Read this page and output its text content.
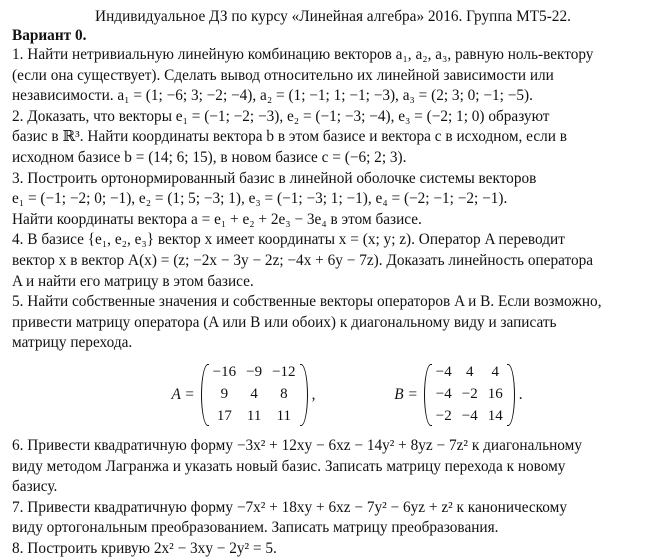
Индивидуальное ДЗ по курсу «Линейная алгебра» 2016. Группа МТ5-22.
Вариант 0.

1. Найти нетривиальную линейную комбинацию векторов a₁, a₂, a₃, равную ноль-вектору
(если она существует). Сделать вывод относительно их линейной зависимости или
независимости. a₁ = (1; −6; 3; −2; −4), a₂ = (1; −1; 1; −1; −3), a₃ = (2; 3; 0; −1; −5).

2. Доказать, что векторы e₁ = (−1; −2; −3), e₂ = (−1; −3; −4), e₃ = (−2; 1; 0) образуют
базис в ℝ³. Найти координаты вектора b в этом базисе и вектора c в исходном, если в
исходном базисе b = (14; 6; 15), в новом базисе c = (−6; 2; 3).

3. Построить ортонормированный базис в линейной оболочке системы векторов
e₁ = (−1; −2; 0; −1), e₂ = (1; 5; −3; 1), e₃ = (−1; −3; 1; −1), e₄ = (−2; −1; −2; −1).
Найти координаты вектора a = e₁ + e₂ + 2e₃ − 3e₄ в этом базисе.

4. В базисе {e₁, e₂, e₃} вектор x имеет координаты x = (x; y; z). Оператор A переводит
вектор x в вектор A(x) = (z; −2x − 3y − 2z; −4x + 6y − 7z). Доказать линейность оператора
A и найти его матрицу в этом базисе.

5. Найти собственные значения и собственные векторы операторов A и B. Если возможно,
привести матрицу оператора (A или B или обоих) к диагональному виду и записать
матрицу перехода.

A =
−16	−9	−12
9	4	8
17	11	11
,	B =
−4	4	4
−4	−2	16
−2	−4	14
.

6. Привести квадратичную форму −3x² + 12xy − 6xz − 14y² + 8yz − 7z² к диагональному
виду методом Лагранжа и указать новый базис. Записать матрицу перехода к новому
базису.

7. Привести квадратичную форму −7x² + 18xy + 6xz − 7y² − 6yz + z² к каноническому
виду ортогональным преобразованием. Записать матрицу преобразования.

8. Построить кривую 2x² − 3xy − 2y² = 5.
